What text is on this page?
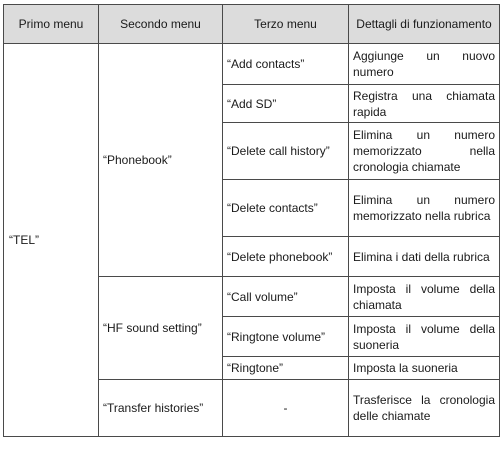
Primo menu	Secondo menu	Terzo menu	Dettagli di funzionamento
“TEL”	“Phonebook”	“Add contacts”	Aggiunge un nuovo numero
		“Add SD”	Registra una chiamata rapida
		“Delete call history”	Elimina un numero memorizzato nella cronologia chiamate
		“Delete contacts”	Elimina un numero memorizzato nella rubrica
		“Delete phonebook”	Elimina i dati della rubrica
	“HF sound setting”	“Call volume”	Imposta il volume della chiamata
		“Ringtone volume”	Imposta il volume della suoneria
		“Ringtone”	Imposta la suoneria
	“Transfer histories”	-	Trasferisce la cronologia delle chiamate
